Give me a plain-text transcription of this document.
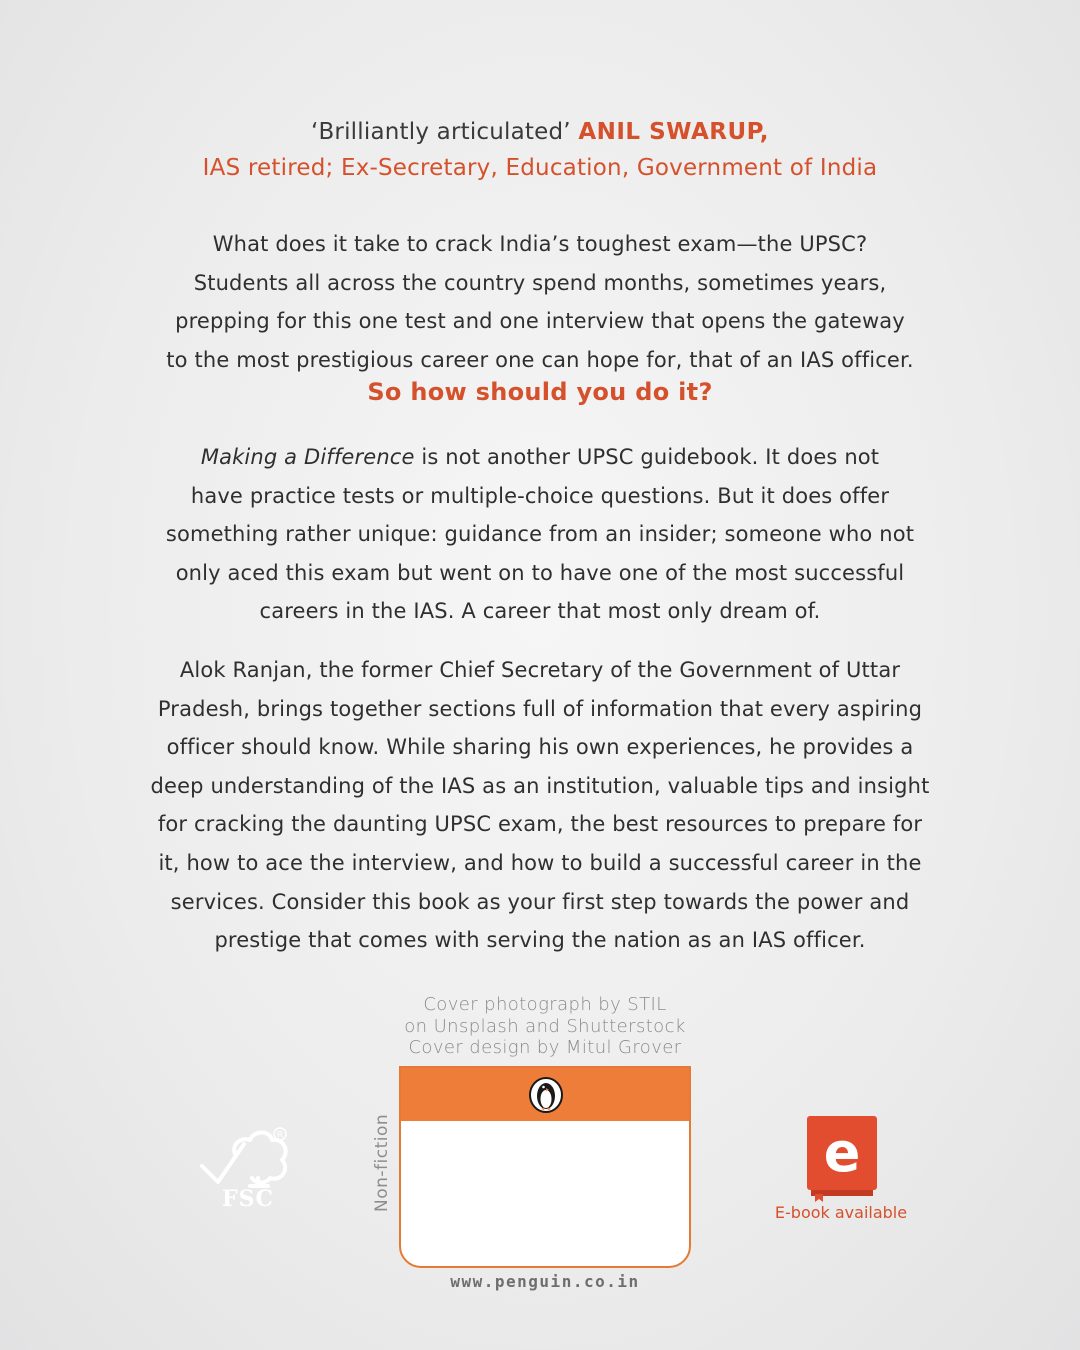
‘Brilliantly articulated’ ANIL SWARUP,
IAS retired; Ex-Secretary, Education, Government of India
What does it take to crack India’s toughest exam—the UPSC?
Students all across the country spend months, sometimes years,
prepping for this one test and one interview that opens the gateway
to the most prestigious career one can hope for, that of an IAS officer.
So how should you do it?
Making a Difference is not another UPSC guidebook. It does not
have practice tests or multiple-choice questions. But it does offer
something rather unique: guidance from an insider; someone who not
only aced this exam but went on to have one of the most successful
careers in the IAS. A career that most only dream of.
Alok Ranjan, the former Chief Secretary of the Government of Uttar
Pradesh, brings together sections full of information that every aspiring
officer should know. While sharing his own experiences, he provides a
deep understanding of the IAS as an institution, valuable tips and insight
for cracking the daunting UPSC exam, the best resources to prepare for
it, how to ace the interview, and how to build a successful career in the
services. Consider this book as your first step towards the power and
prestige that comes with serving the nation as an IAS officer.
Cover photograph by STIL
on Unsplash and Shutterstock
Cover design by Mitul Grover
Non-fiction
www.penguin.co.in
R
FSC
e
E-book available
